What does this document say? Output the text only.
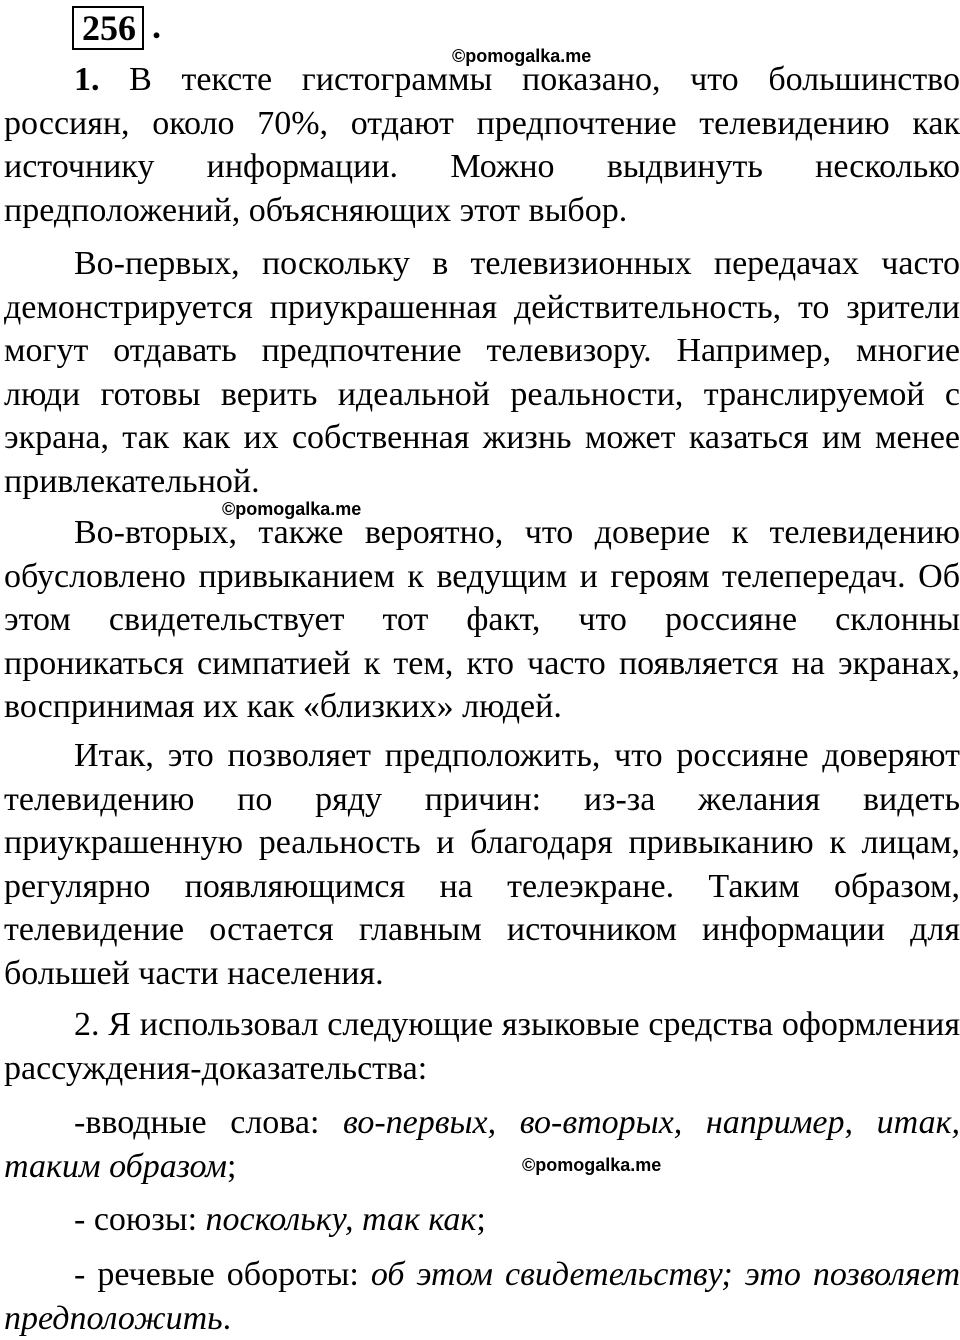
256 .
©pomogalka.me
©pomogalka.me
©pomogalka.me

1. В тексте гистограммы показано, что большинство россиян, около 70%, отдают предпочтение телевидению как источнику информации. Можно выдвинуть несколько предположений, объясняющих этот выбор.

Во-первых, поскольку в телевизионных передачах часто демонстрируется приукрашенная действительность, то зрители могут отдавать предпочтение телевизору. Например, многие люди готовы верить идеальной реальности, транслируемой с экрана, так как их собственная жизнь может казаться им менее привлекательной.

Во-вторых, также вероятно, что доверие к телевидению обусловлено привыканием к ведущим и героям телепередач. Об этом свидетельствует тот факт, что россияне склонны проникаться симпатией к тем, кто часто появляется на экранах, воспринимая их как «близких» людей.

Итак, это позволяет предположить, что россияне доверяют телевидению по ряду причин: из-за желания видеть приукрашенную реальность и благодаря привыканию к лицам, регулярно появляющимся на телеэкране. Таким образом, телевидение остается главным источником информации для большей части населения.

2. Я использовал следующие языковые средства оформления рассуждения-доказательства:

-вводные слова: во-первых, во-вторых, например, итак, таким образом;

- союзы: поскольку, так как;

- речевые обороты: об этом свидетельству; это позволяет предположить.
